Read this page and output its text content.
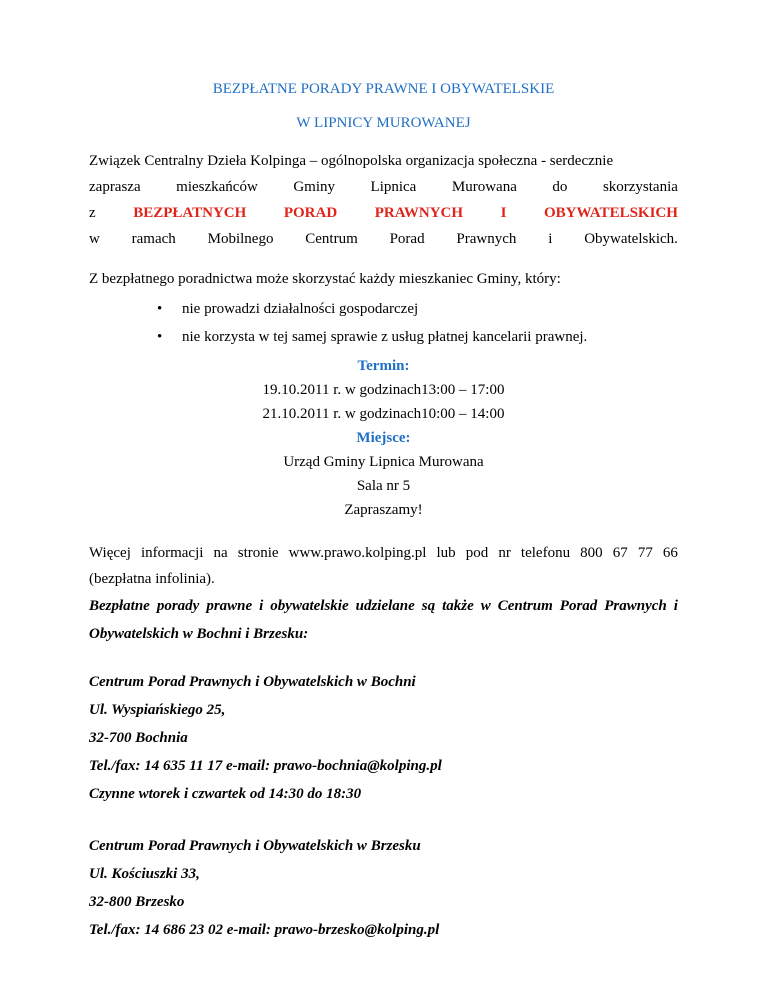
BEZPŁATNE PORADY PRAWNE I OBYWATELSKIE
W LIPNICY MUROWANEJ
Związek Centralny Dzieła Kolpinga – ogólnopolska organizacja społeczna - serdecznie
zaprasza mieszkańców Gminy Lipnica Murowana do skorzystania
z	BEZPŁATNYCH	PORAD	PRAWNYCH	I	OBYWATELSKICH
w ramach Mobilnego Centrum Porad Prawnych i Obywatelskich.
Z bezpłatnego poradnictwa może skorzystać każdy mieszkaniec Gminy, który:
• nie prowadzi działalności gospodarczej
• nie korzysta w tej samej sprawie z usług płatnej kancelarii prawnej.
Termin:
19.10.2011 r. w godzinach13:00 – 17:00
21.10.2011 r. w godzinach10:00 – 14:00
Miejsce:
Urząd Gminy Lipnica Murowana
Sala nr 5
Zapraszamy!
Więcej informacji na stronie www.prawo.kolping.pl lub pod nr telefonu 800 67 77 66
(bezpłatna infolinia).
Bezpłatne porady prawne i obywatelskie udzielane są także w Centrum Porad Prawnych i
Obywatelskich w Bochni i Brzesku:
Centrum Porad Prawnych i Obywatelskich w Bochni
Ul. Wyspiańskiego 25,
32-700 Bochnia
Tel./fax: 14 635 11 17 e-mail: prawo-bochnia@kolping.pl
Czynne wtorek i czwartek od 14:30 do 18:30
Centrum Porad Prawnych i Obywatelskich w Brzesku
Ul. Kościuszki 33,
32-800 Brzesko
Tel./fax: 14 686 23 02 e-mail: prawo-brzesko@kolping.pl
